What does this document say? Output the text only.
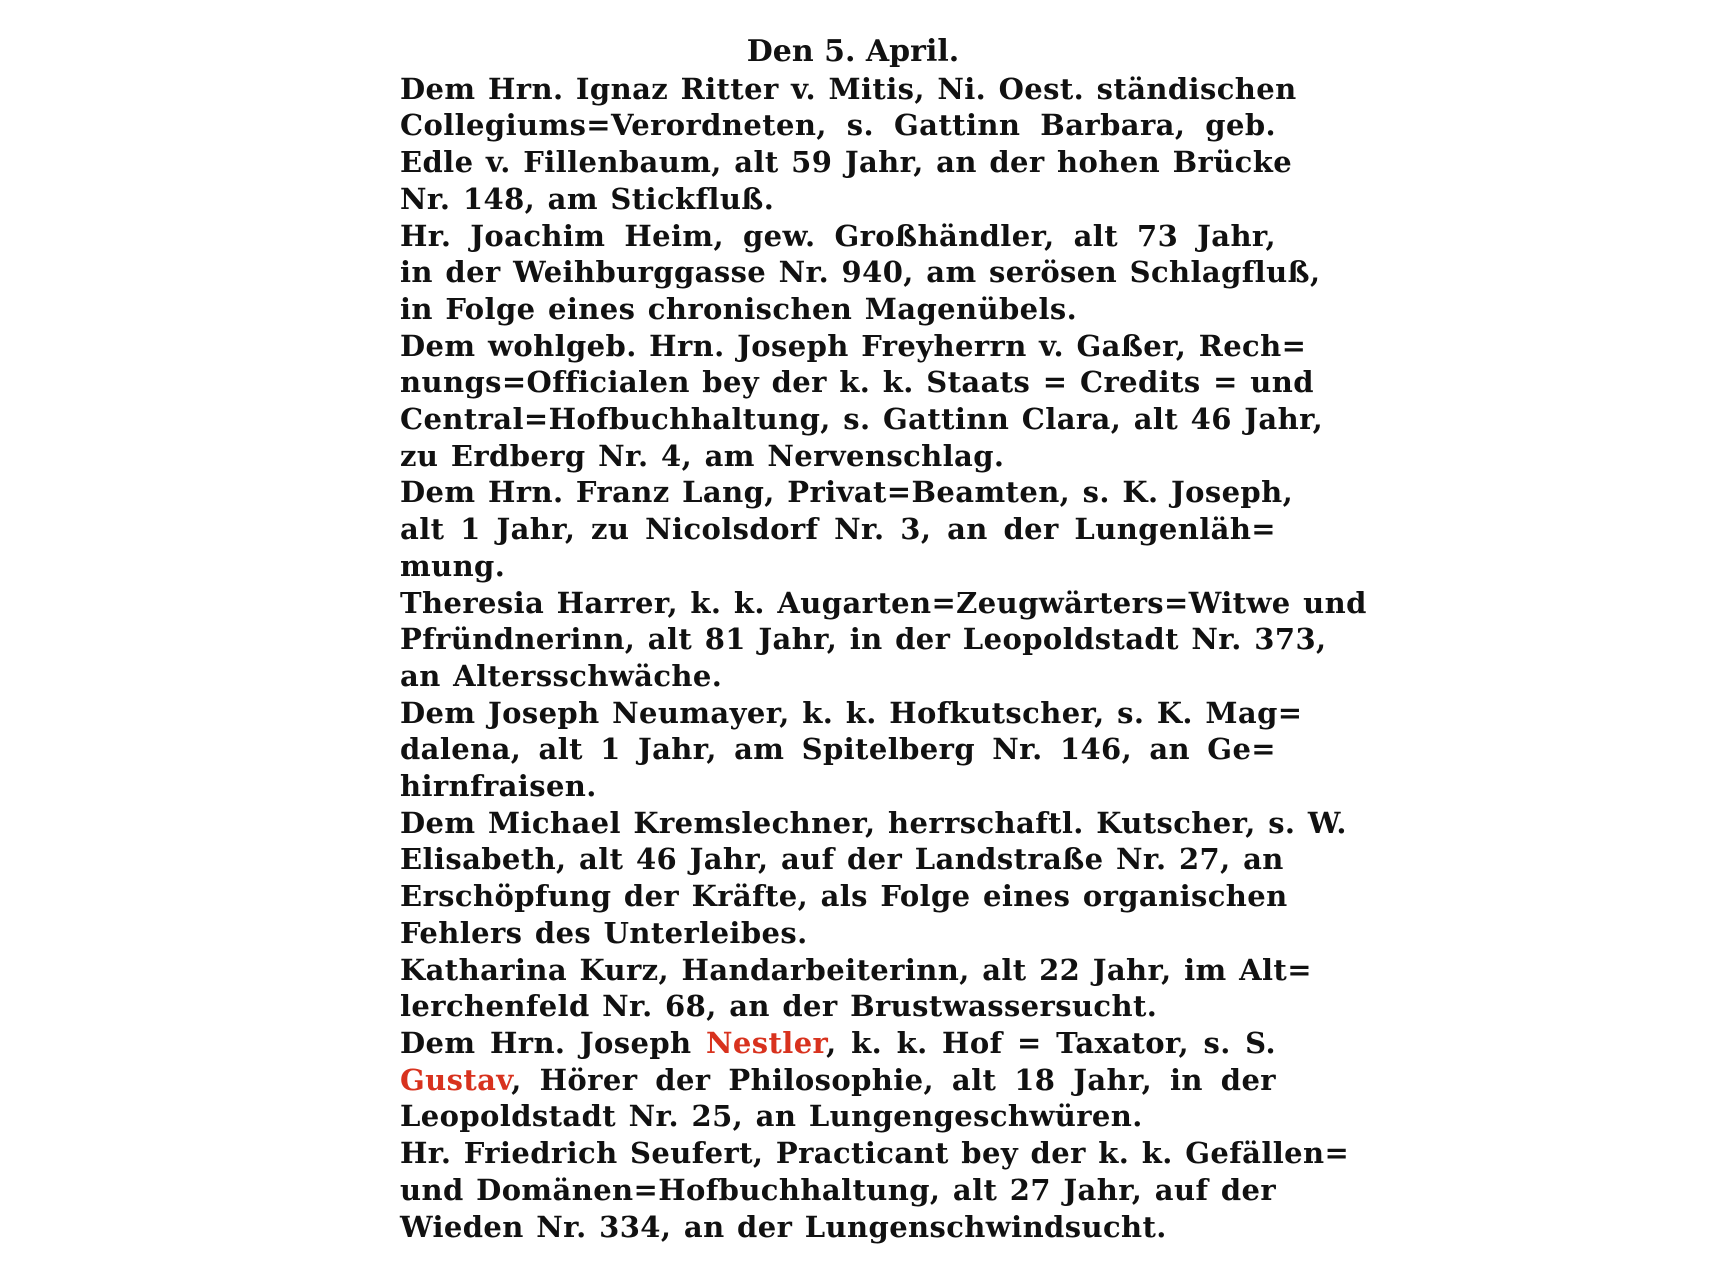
Den 5. April.

Dem Hrn. Ignaz Ritter v. Mitis, Ni. Oest. ständischen
Collegiums=Verordneten, s. Gattinn Barbara, geb.
Edle v. Fillenbaum, alt 59 Jahr, an der hohen Brücke
Nr. 148, am Stickfluß.

Hr. Joachim Heim, gew. Großhändler, alt 73 Jahr,
in der Weihburggasse Nr. 940, am serösen Schlagfluß,
in Folge eines chronischen Magenübels.

Dem wohlgeb. Hrn. Joseph Freyherrn v. Gaßer, Rech=
nungs=Officialen bey der k. k. Staats = Credits = und
Central=Hofbuchhaltung, s. Gattinn Clara, alt 46 Jahr,
zu Erdberg Nr. 4, am Nervenschlag.

Dem Hrn. Franz Lang, Privat=Beamten, s. K. Joseph,
alt 1 Jahr, zu Nicolsdorf Nr. 3, an der Lungenläh=
mung.

Theresia Harrer, k. k. Augarten=Zeugwärters=Witwe und
Pfründnerinn, alt 81 Jahr, in der Leopoldstadt Nr. 373,
an Altersschwäche.

Dem Joseph Neumayer, k. k. Hofkutscher, s. K. Mag=
dalena, alt 1 Jahr, am Spitelberg Nr. 146, an Ge=
hirnfraisen.

Dem Michael Kremslechner, herrschaftl. Kutscher, s. W.
Elisabeth, alt 46 Jahr, auf der Landstraße Nr. 27, an
Erschöpfung der Kräfte, als Folge eines organischen
Fehlers des Unterleibes.

Katharina Kurz, Handarbeiterinn, alt 22 Jahr, im Alt=
lerchenfeld Nr. 68, an der Brustwassersucht.

Dem Hrn. Joseph Nestler, k. k. Hof = Taxator, s. S.
Gustav, Hörer der Philosophie, alt 18 Jahr, in der
Leopoldstadt Nr. 25, an Lungengeschwüren.

Hr. Friedrich Seufert, Practicant bey der k. k. Gefällen=
und Domänen=Hofbuchhaltung, alt 27 Jahr, auf der
Wieden Nr. 334, an der Lungenschwindsucht.
